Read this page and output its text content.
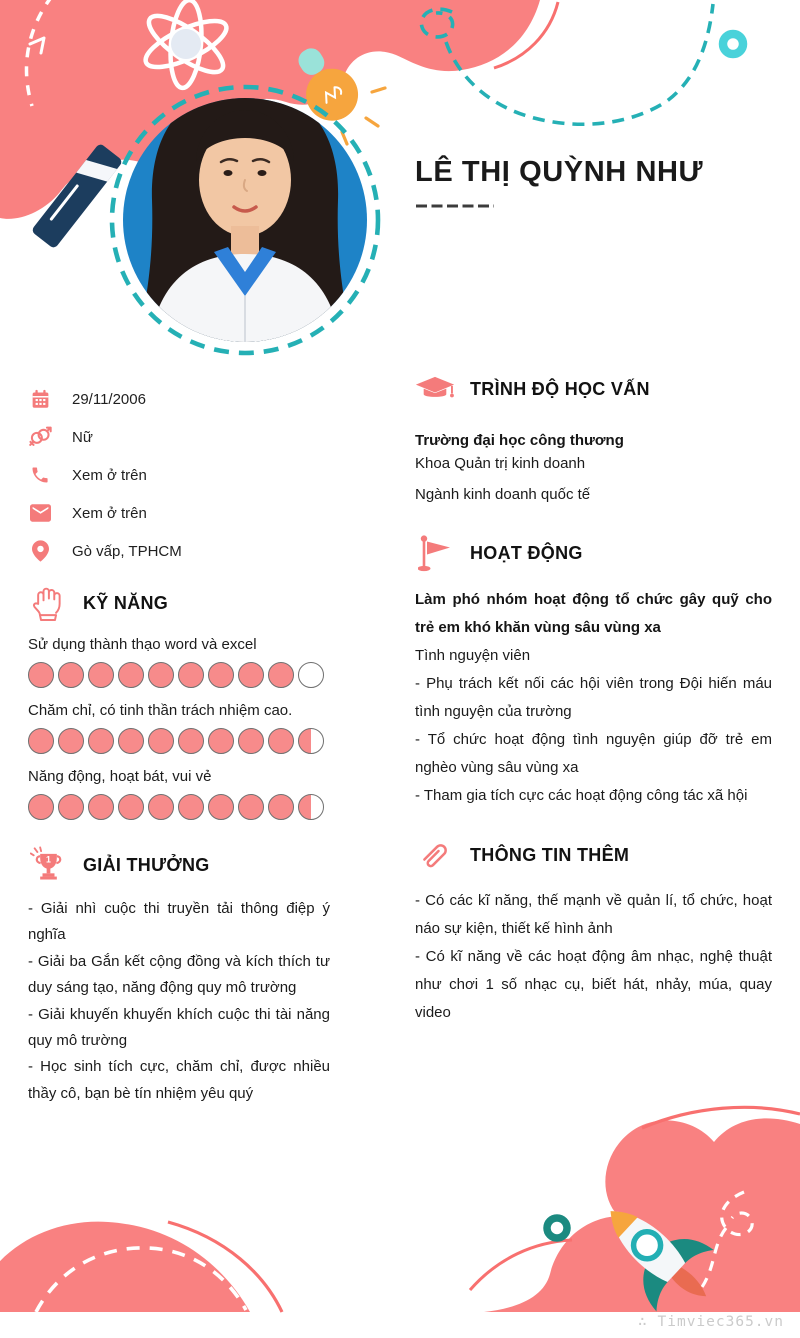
LÊ THỊ QUỲNH NHƯ
29/11/2006
Nữ
Xem ở trên
Xem ở trên
Gò vấp, TPHCM
KỸ NĂNG
Sử dụng thành thạo word và excel
Chăm chỉ, có tinh thần trách nhiệm cao.
Năng động, hoạt bát, vui vẻ
1 GIẢI THƯỞNG
- Giải nhì cuộc thi truyền tải thông điệp ý nghĩa
- Giải ba Gắn kết cộng đồng và kích thích tư duy sáng tạo, năng động quy mô trường
- Giải khuyến khuyến khích cuộc thi tài năng quy mô trường
- Học sinh tích cực, chăm chỉ, được nhiều thầy cô, bạn bè tín nhiệm yêu quý
TRÌNH ĐỘ HỌC VẤN
Trường đại học công thương
Khoa Quản trị kinh doanh
Ngành kinh doanh quốc tế
HOẠT ĐỘNG
Làm phó nhóm hoạt động tổ chức gây quỹ cho trẻ em khó khăn vùng sâu vùng xa
Tình nguyện viên
- Phụ trách kết nối các hội viên trong Đội hiến máu tình nguyện của trường
- Tổ chức hoạt động tình nguyện giúp đỡ trẻ em nghèo vùng sâu vùng xa
- Tham gia tích cực các hoạt động công tác xã hội
THÔNG TIN THÊM
- Có các kĩ năng, thế mạnh về quản lí, tổ chức, hoạt náo sự kiện, thiết kế hình ảnh
- Có kĩ năng về các hoạt động âm nhạc, nghệ thuật như chơi 1 số nhạc cụ, biết hát, nhảy, múa, quay video
∴ Timviec365.vn
